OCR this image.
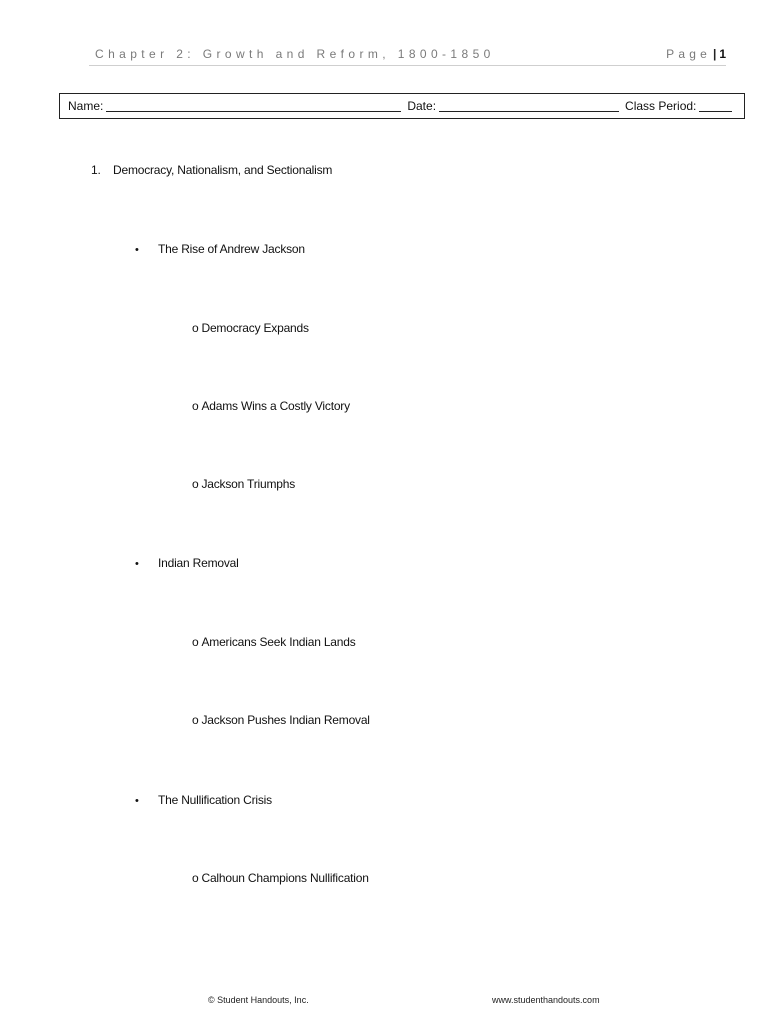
Chapter 2: Growth and Reform, 1800-1850	Page | 1
Name:	Date:	Class Period:
1. Democracy, Nationalism, and Sectionalism
• The Rise of Andrew Jackson
o Democracy Expands
o Adams Wins a Costly Victory
o Jackson Triumphs
• Indian Removal
o Americans Seek Indian Lands
o Jackson Pushes Indian Removal
• The Nullification Crisis
o Calhoun Champions Nullification
© Student Handouts, Inc.	www.studenthandouts.com
